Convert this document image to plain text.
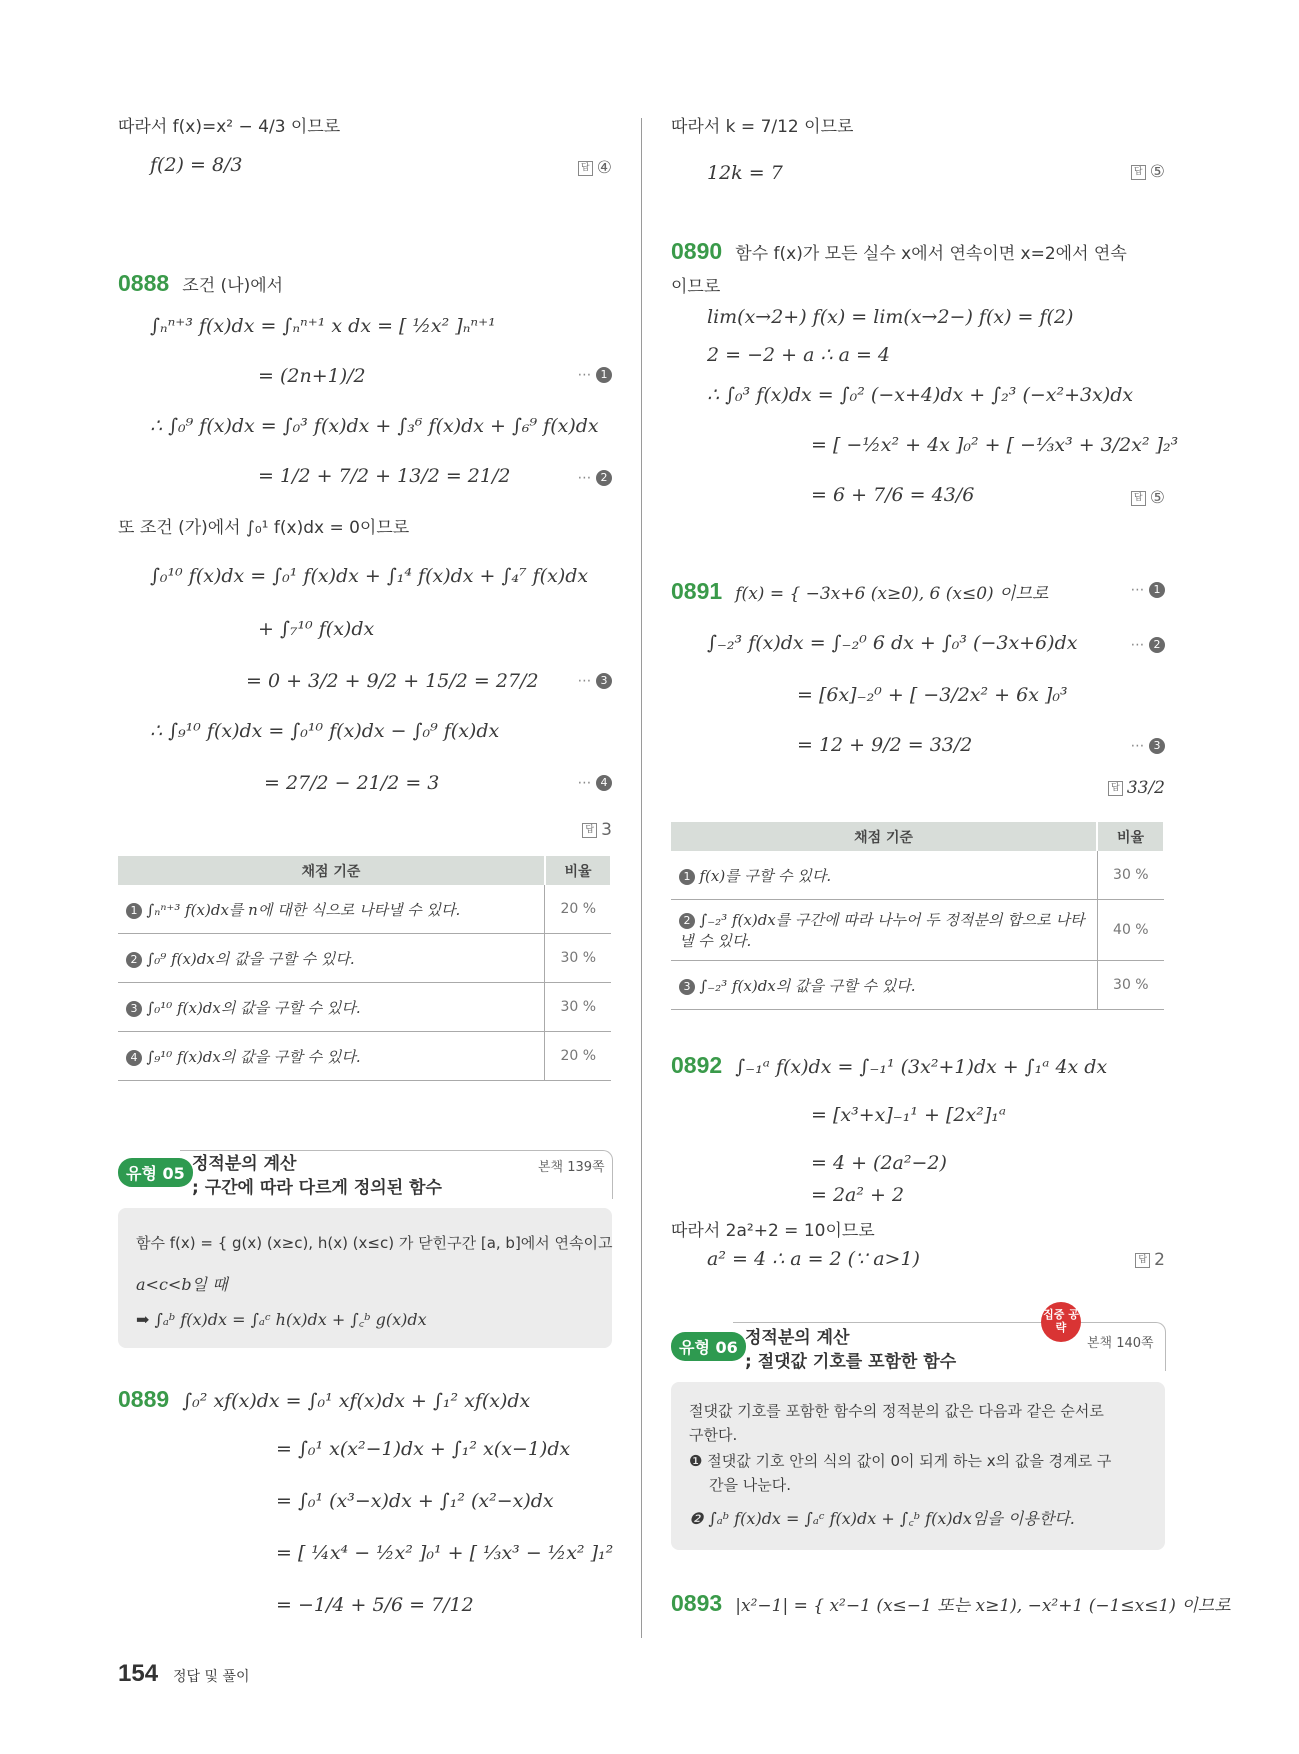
따라서 f(x)=x² − 4/3 이므로
f(2) = 8/3	답 ④
0888 조건 (나)에서
∫ₙⁿ⁺³ f(x)dx = ∫ₙⁿ⁺¹ x dx = [ ½x² ]ₙⁿ⁺¹
= (2n+1)/2	⋯ 1
∴ ∫₀⁹ f(x)dx = ∫₀³ f(x)dx + ∫₃⁶ f(x)dx + ∫₆⁹ f(x)dx
= 1/2 + 7/2 + 13/2 = 21/2	⋯ 2
또 조건 (가)에서 ∫₀¹ f(x)dx = 0이므로
∫₀¹⁰ f(x)dx = ∫₀¹ f(x)dx + ∫₁⁴ f(x)dx + ∫₄⁷ f(x)dx
+ ∫₇¹⁰ f(x)dx
= 0 + 3/2 + 9/2 + 15/2 = 27/2	⋯ 3
∴ ∫₉¹⁰ f(x)dx = ∫₀¹⁰ f(x)dx − ∫₀⁹ f(x)dx
= 27/2 − 21/2 = 3	⋯ 4
답 3
채점 기준	비율
1 ∫ₙⁿ⁺³ f(x)dx를 n에 대한 식으로 나타낼 수 있다.	20 %
2 ∫₀⁹ f(x)dx의 값을 구할 수 있다.	30 %
3 ∫₀¹⁰ f(x)dx의 값을 구할 수 있다.	30 %
4 ∫₉¹⁰ f(x)dx의 값을 구할 수 있다.	20 %
유형 05 정적분의 계산
; 구간에 따라 다르게 정의된 함수
본책 139쪽
함수 f(x) = { g(x) (x≥c), h(x) (x≤c) 가 닫힌구간 [a, b]에서 연속이고
a<c<b일 때
➡ ∫ₐᵇ f(x)dx = ∫ₐᶜ h(x)dx + ∫꜀ᵇ g(x)dx
0889 ∫₀² xf(x)dx = ∫₀¹ xf(x)dx + ∫₁² xf(x)dx
= ∫₀¹ x(x²−1)dx + ∫₁² x(x−1)dx
= ∫₀¹ (x³−x)dx + ∫₁² (x²−x)dx
= [ ¼x⁴ − ½x² ]₀¹ + [ ⅓x³ − ½x² ]₁²
= −1/4 + 5/6 = 7/12
따라서 k = 7/12 이므로
12k = 7	답 ⑤
0890 함수 f(x)가 모든 실수 x에서 연속이면 x=2에서 연속
이므로
lim(x→2+) f(x) = lim(x→2−) f(x) = f(2)
2 = −2 + a ∴ a = 4
∴ ∫₀³ f(x)dx = ∫₀² (−x+4)dx + ∫₂³ (−x²+3x)dx
= [ −½x² + 4x ]₀² + [ −⅓x³ + 3/2x² ]₂³
= 6 + 7/6 = 43/6	답 ⑤
0891 f(x) = { −3x+6 (x≥0), 6 (x≤0) 이므로	⋯ 1
∫₋₂³ f(x)dx = ∫₋₂⁰ 6 dx + ∫₀³ (−3x+6)dx	⋯ 2
= [6x]₋₂⁰ + [ −3/2x² + 6x ]₀³
= 12 + 9/2 = 33/2	⋯ 3
답 33/2
채점 기준	비율
1 f(x)를 구할 수 있다.	30 %
2 ∫₋₂³ f(x)dx를 구간에 따라 나누어 두 정적분의 합으로 나타낼 수 있다.	40 %
3 ∫₋₂³ f(x)dx의 값을 구할 수 있다.	30 %
0892 ∫₋₁ᵃ f(x)dx = ∫₋₁¹ (3x²+1)dx + ∫₁ᵃ 4x dx
= [x³+x]₋₁¹ + [2x²]₁ᵃ
= 4 + (2a²−2)
= 2a² + 2
따라서 2a²+2 = 10이므로
a² = 4 ∴ a = 2 (∵ a>1)	답 2
유형 06 정적분의 계산
; 절댓값 기호를 포함한 함수
집중 공략
본책 140쪽
절댓값 기호를 포함한 함수의 정적분의 값은 다음과 같은 순서로
구한다.
❶ 절댓값 기호 안의 식의 값이 0이 되게 하는 x의 값을 경계로 구
간을 나눈다.
❷ ∫ₐᵇ f(x)dx = ∫ₐᶜ f(x)dx + ∫꜀ᵇ f(x)dx임을 이용한다.
0893 |x²−1| = { x²−1 (x≤−1 또는 x≥1), −x²+1 (−1≤x≤1) 이므로
154 정답 및 풀이
